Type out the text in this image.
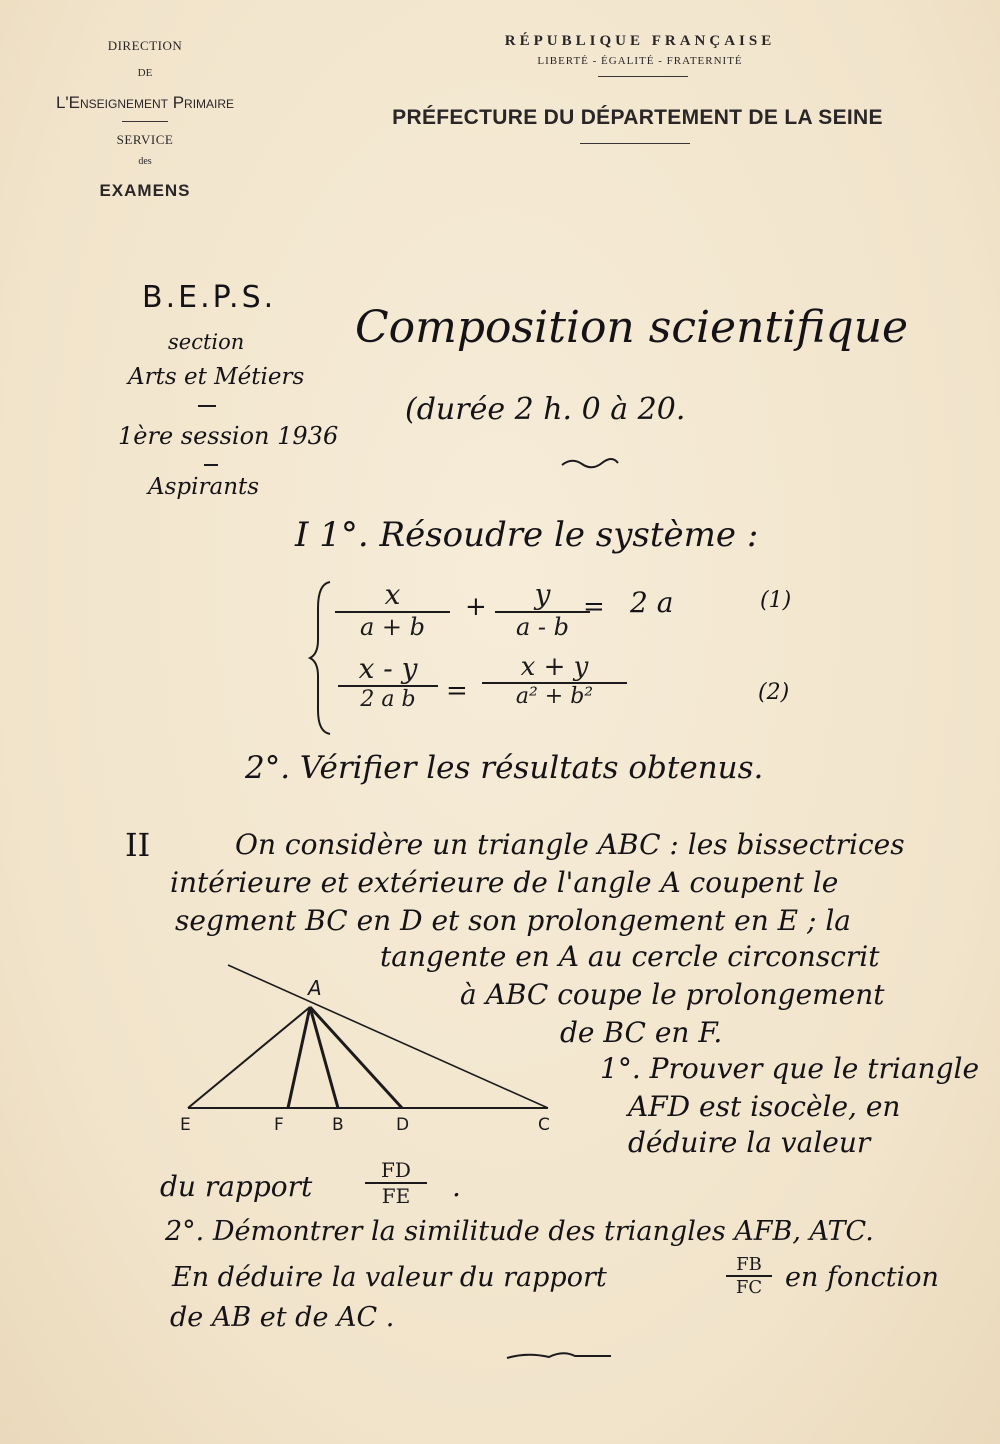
DIRECTION
DE
L'Enseignement Primaire
SERVICE
des
EXAMENS
RÉPUBLIQUE FRANÇAISE
LIBERTÉ - ÉGALITÉ - FRATERNITÉ
PRÉFECTURE DU DÉPARTEMENT DE LA SEINE
B.E.P.S.
section
Arts et Métiers
1ère session 1936
Aspirants
Composition scientifique
(durée 2 h. 0 à 20.
I 1°. Résoudre le système :
x
a + b
+ y
a - b
= 2 a	(1)
x - y
2 a b =
x + y
a² + b²	(2)
2°. Vérifier les résultats obtenus.
II	On considère un triangle ABC : les bissectrices
intérieure et extérieure de l'angle A coupent le
segment BC en D et son prolongement en E ; la
tangente en A au cercle circonscrit
à ABC coupe le prolongement
de BC en F.
A
E	F	B	D	C
1°. Prouver que le triangle
AFD est isocèle, en
déduire la valeur
du rapport	FD
FE .
2°. Démontrer la similitude des triangles AFB, ATC.
En déduire la valeur du rapport	FB
FC en fonction
de AB et de AC .
